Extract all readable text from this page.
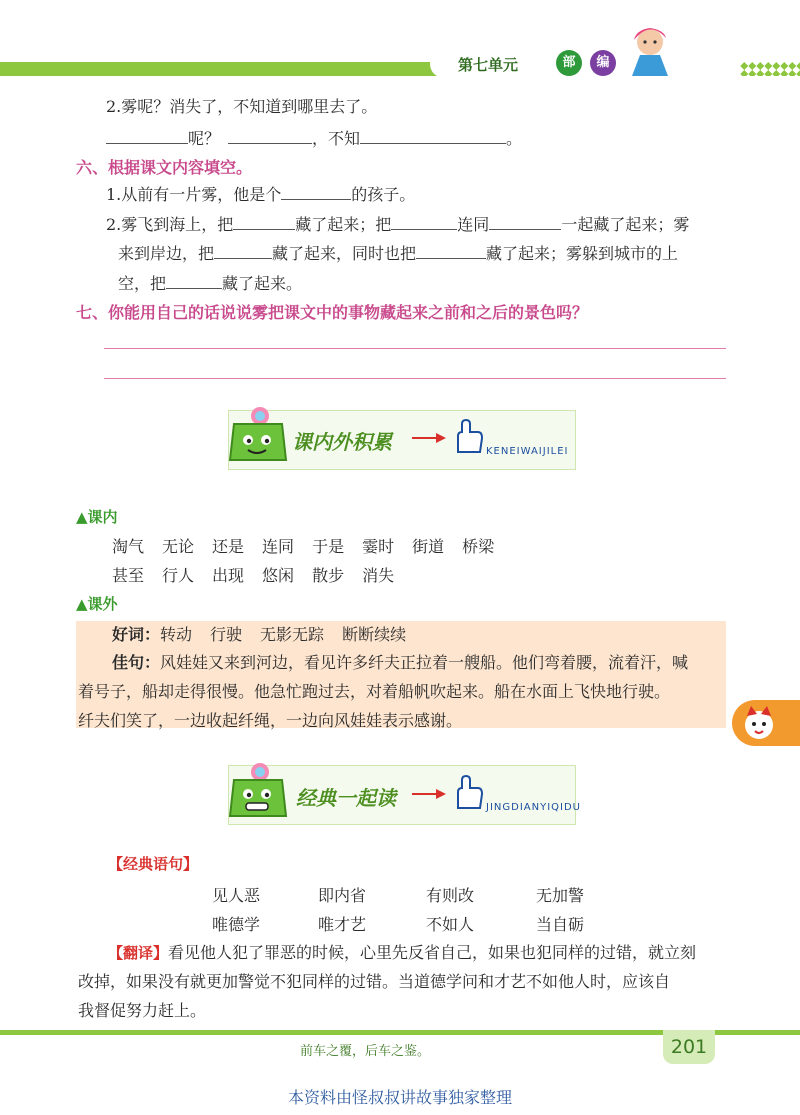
第七单元	部	编
2.雾呢？消失了，不知道到哪里去了。
呢？	，不知	。
六、根据课文内容填空。
1.从前有一片雾，他是个	的孩子。
2.雾飞到海上，把	藏了起来；把	连同	一起藏了起来；雾
来到岸边，把	藏了起来，同时也把	藏了起来；雾躲到城市的上
空，把	藏了起来。
七、你能用自己的话说说雾把课文中的事物藏起来之前和之后的景色吗？
课内外积累	KENEIWAIJILEI
▲课内
淘气 无论 还是 连同 于是 霎时 街道 桥梁
甚至 行人 出现 悠闲 散步 消失
▲课外
好词：转动 行驶 无影无踪 断断续续
佳句：风娃娃又来到河边，看见许多纤夫正拉着一艘船。他们弯着腰，流着汗，喊
着号子，船却走得很慢。他急忙跑过去，对着船帆吹起来。船在水面上飞快地行驶。
纤夫们笑了，一边收起纤绳，一边向风娃娃表示感谢。
经典一起读	JINGDIANYIQIDU
【经典语句】
见人恶	即内省	有则改	无加警
唯德学	唯才艺	不如人	当自砺
【翻译】看见他人犯了罪恶的时候，心里先反省自己，如果也犯同样的过错，就立刻
改掉，如果没有就更加警觉不犯同样的过错。当道德学问和才艺不如他人时，应该自
我督促努力赶上。
前车之覆，后车之鉴。	201
本资料由怪叔叔讲故事独家整理
